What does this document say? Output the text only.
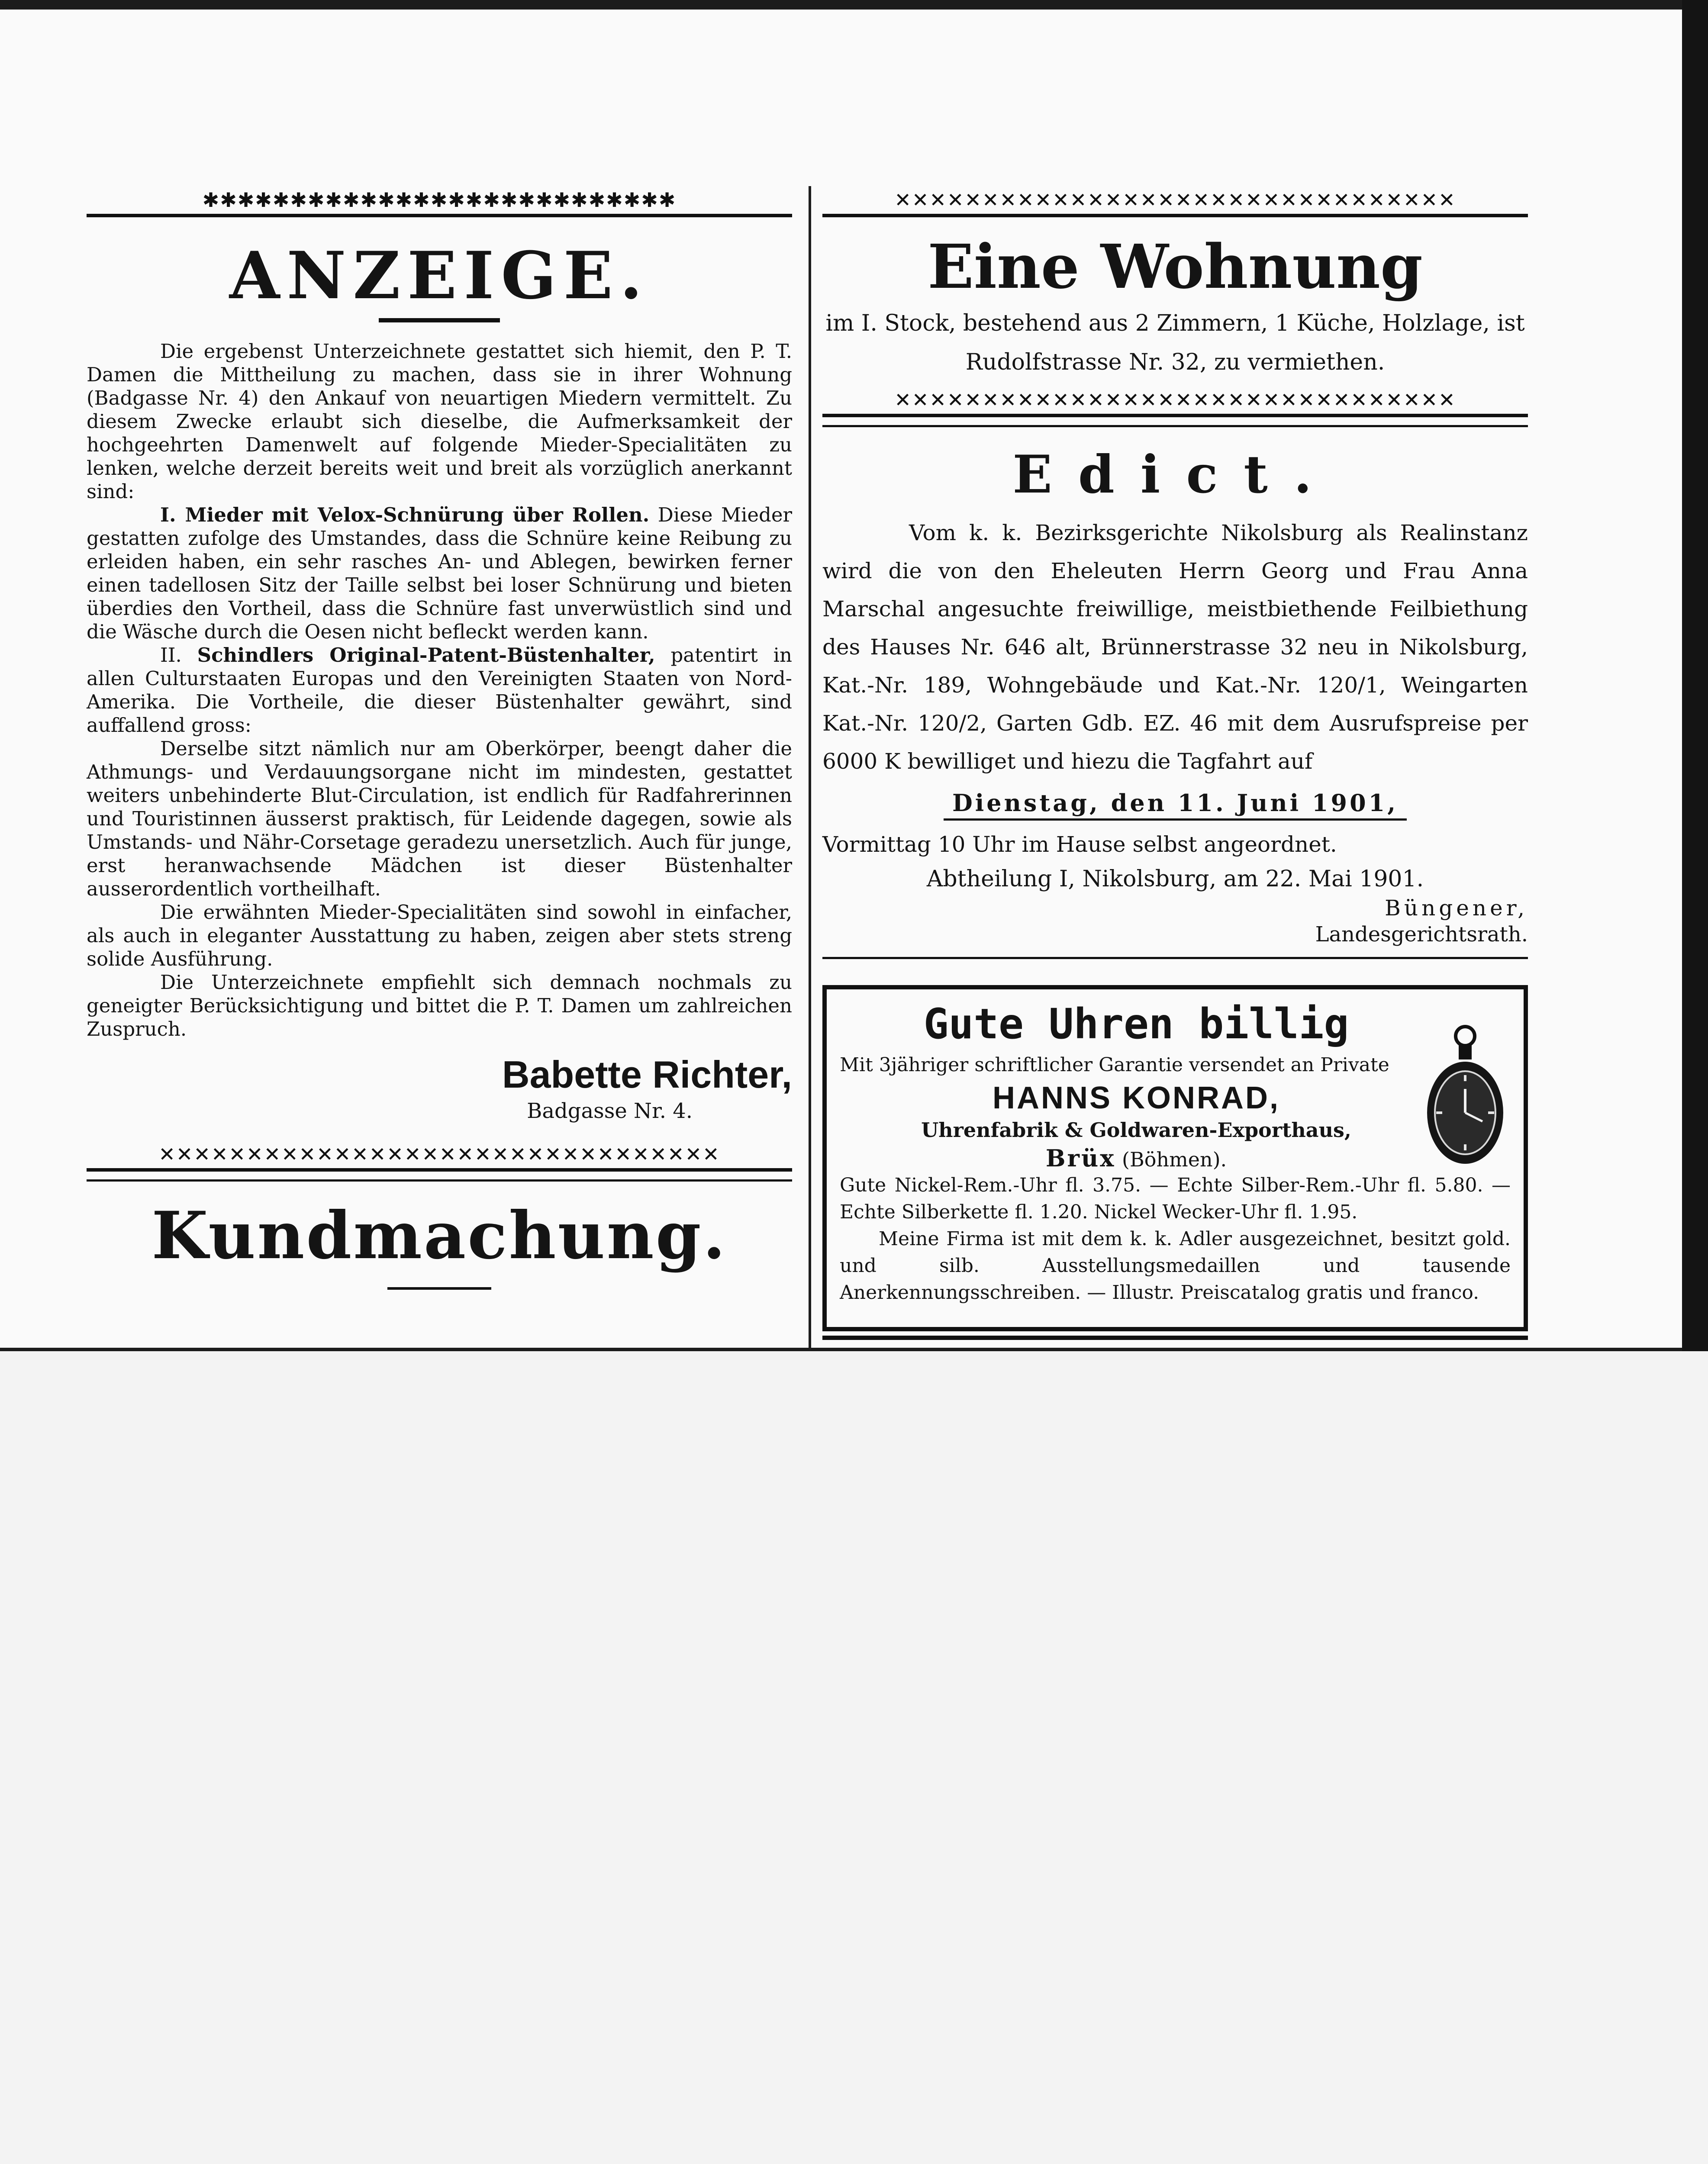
✱✱✱✱✱✱✱✱✱✱✱✱✱✱✱✱✱✱✱✱✱✱✱✱✱✱✱
ANZEIGE.

Die ergebenst Unterzeichnete gestattet sich hiemit, den P. T. Damen die Mittheilung zu machen, dass sie in ihrer Wohnung (Badgasse Nr. 4) den Ankauf von neuartigen Miedern vermittelt. Zu diesem Zwecke erlaubt sich dieselbe, die Aufmerksamkeit der hochgeehrten Damenwelt auf folgende Mieder-Specialitäten zu lenken, welche derzeit bereits weit und breit als vorzüglich anerkannt sind:

I. Mieder mit Velox-Schnürung über Rollen. Diese Mieder gestatten zufolge des Umstandes, dass die Schnüre keine Reibung zu erleiden haben, ein sehr rasches An- und Ablegen, bewirken ferner einen tadellosen Sitz der Taille selbst bei loser Schnürung und bieten überdies den Vortheil, dass die Schnüre fast unverwüstlich sind und die Wäsche durch die Oesen nicht befleckt werden kann.

II. Schindlers Original-Patent-Büstenhalter, patentirt in allen Culturstaaten Europas und den Vereinigten Staaten von Nord-Amerika. Die Vortheile, die dieser Büstenhalter gewährt, sind auffallend gross:

Derselbe sitzt nämlich nur am Oberkörper, beengt daher die Athmungs- und Verdauungsorgane nicht im mindesten, gestattet weiters unbehinderte Blut-Circulation, ist endlich für Radfahrerinnen und Touristinnen äusserst praktisch, für Leidende dagegen, sowie als Umstands- und Nähr-Corsetage geradezu unersetzlich. Auch für junge, erst heranwachsende Mädchen ist dieser Büstenhalter ausserordentlich vortheilhaft.

Die erwähnten Mieder-Specialitäten sind sowohl in einfacher, als auch in eleganter Ausstattung zu haben, zeigen aber stets streng solide Ausführung.

Die Unterzeichnete empfiehlt sich demnach nochmals zu geneigter Berücksichtigung und bittet die P. T. Damen um zahlreichen Zuspruch.

Babette Richter,
Badgasse Nr. 4.
✕✕✕✕✕✕✕✕✕✕✕✕✕✕✕✕✕✕✕✕✕✕✕✕✕✕✕✕✕✕✕✕
Kundmachung.
✕✕✕✕✕✕✕✕✕✕✕✕✕✕✕✕✕✕✕✕✕✕✕✕✕✕✕✕✕✕✕✕
Eine Wohnung

im I. Stock, bestehend aus 2 Zimmern, 1 Küche, Holzlage, ist Rudolfstrasse Nr. 32, zu vermiethen.

✕✕✕✕✕✕✕✕✕✕✕✕✕✕✕✕✕✕✕✕✕✕✕✕✕✕✕✕✕✕✕✕
Edict.

Vom k. k. Bezirksgerichte Nikolsburg als Realinstanz wird die von den Eheleuten Herrn Georg und Frau Anna Marschal angesuchte freiwillige, meistbiethende Feilbiethung des Hauses Nr. 646 alt, Brünnerstrasse 32 neu in Nikolsburg, Kat.-Nr. 189, Wohngebäude und Kat.-Nr. 120/1, Weingarten Kat.-Nr. 120/2, Garten Gdb. EZ. 46 mit dem Ausrufspreise per 6000 K bewilliget und hiezu die Tagfahrt auf

Dienstag, den 11. Juni 1901,

Vormittag 10 Uhr im Hause selbst angeordnet.

Abtheilung I, Nikolsburg, am 22. Mai 1901.
Büngener,
Landesgerichtsrath.
Gute Uhren billig
Mit 3jähriger schriftlicher Garantie versendet an Private
HANNS KONRAD,
Uhrenfabrik & Goldwaren-Exporthaus,
Brüx (Böhmen).

Gute Nickel-Rem.-Uhr fl. 3.75. — Echte Silber-Rem.-Uhr fl. 5.80. — Echte Silberkette fl. 1.20. Nickel Wecker-Uhr fl. 1.95.

Meine Firma ist mit dem k. k. Adler ausgezeichnet, besitzt gold. und silb. Ausstellungsmedaillen und tausende Anerkennungsschreiben. — Illustr. Preiscatalog gratis und franco.
